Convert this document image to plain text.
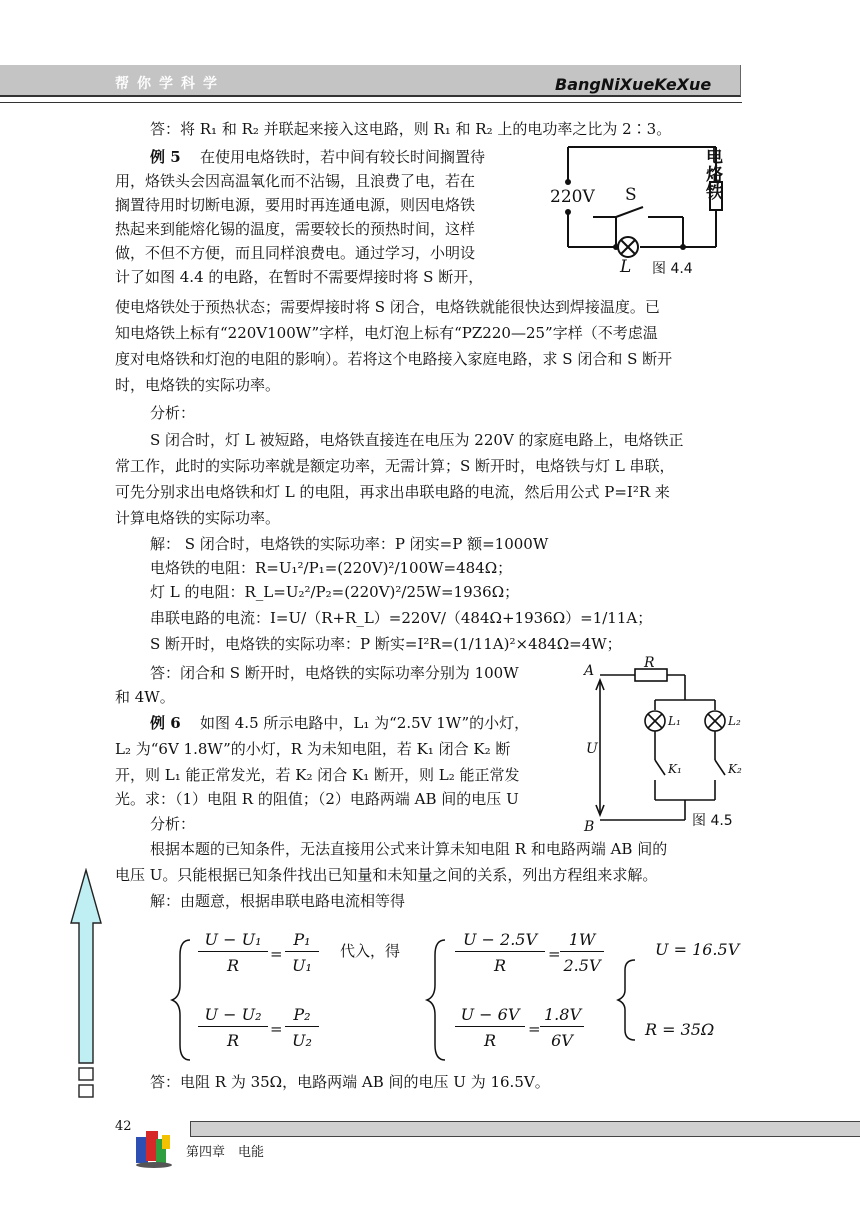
帮你学科学	BangNiXueKeXue
答：将 R₁ 和 R₂ 并联起来接入这电路，则 R₁ 和 R₂ 上的电功率之比为 2∶3。
例 5 在使用电烙铁时，若中间有较长时间搁置待
用，烙铁头会因高温氧化而不沾锡，且浪费了电，若在
搁置待用时切断电源，要用时再连通电源，则因电烙铁
热起来到能熔化锡的温度，需要较长的预热时间，这样
做，不但不方便，而且同样浪费电。通过学习，小明设
计了如图 4.4 的电路，在暂时不需要焊接时将 S 断开，
使电烙铁处于预热状态；需要焊接时将 S 闭合，电烙铁就能很快达到焊接温度。已
知电烙铁上标有“220V100W”字样，电灯泡上标有“PZ220—25”字样（不考虑温
度对电烙铁和灯泡的电阻的影响）。若将这个电路接入家庭电路，求 S 闭合和 S 断开
时，电烙铁的实际功率。
分析：
S 闭合时，灯 L 被短路，电烙铁直接连在电压为 220V 的家庭电路上，电烙铁正
常工作，此时的实际功率就是额定功率，无需计算；S 断开时，电烙铁与灯 L 串联，
可先分别求出电烙铁和灯 L 的电阻，再求出串联电路的电流，然后用公式 P=I²R 来
计算电烙铁的实际功率。
解： S 闭合时，电烙铁的实际功率：P 闭实=P 额=1000W
电烙铁的电阻：R=U₁²/P₁=(220V)²/100W=484Ω；
灯 L 的电阻：R_L=U₂²/P₂=(220V)²/25W=1936Ω；
串联电路的电流：I=U/（R+R_L）=220V/（484Ω+1936Ω）=1/11A；
S 断开时，电烙铁的实际功率：P 断实=I²R=(1/11A)²×484Ω=4W；
答：闭合和 S 断开时，电烙铁的实际功率分别为 100W
和 4W。
例 6 如图 4.5 所示电路中，L₁ 为“2.5V 1W”的小灯，
L₂ 为“6V 1.8W”的小灯，R 为未知电阻，若 K₁ 闭合 K₂ 断
开，则 L₁ 能正常发光，若 K₂ 闭合 K₁ 断开，则 L₂ 能正常发
光。求：（1）电阻 R 的阻值；（2）电路两端 AB 间的电压 U
分析：
根据本题的已知条件，无法直接用公式来计算未知电阻 R 和电路两端 AB 间的
电压 U。只能根据已知条件找出已知量和未知量之间的关系，列出方程组来求解。
解：由题意，根据串联电路电流相等得
答：电阻 R 为 35Ω，电路两端 AB 间的电压 U 为 16.5V。
220V S
L
电烙铁
图 4.4
A
B
R
U
L₁	L₂
K₁	K₂
图 4.5
$\frac{\text{U − U₁}}{R} = \frac{\text{P₁}}{\text{U₁}}$
$\frac{\text{U − U₂}}{R} = \frac{\text{P₂}}{\text{U₂}}$
代入，得	$\frac{U - 2.5V}{R} = \frac{1W}{2.5V}$
$\frac{U - 6V}{R} = \frac{1.8V}{6V}$
U = 16.5V
R = 35Ω
42
第四章　电能
